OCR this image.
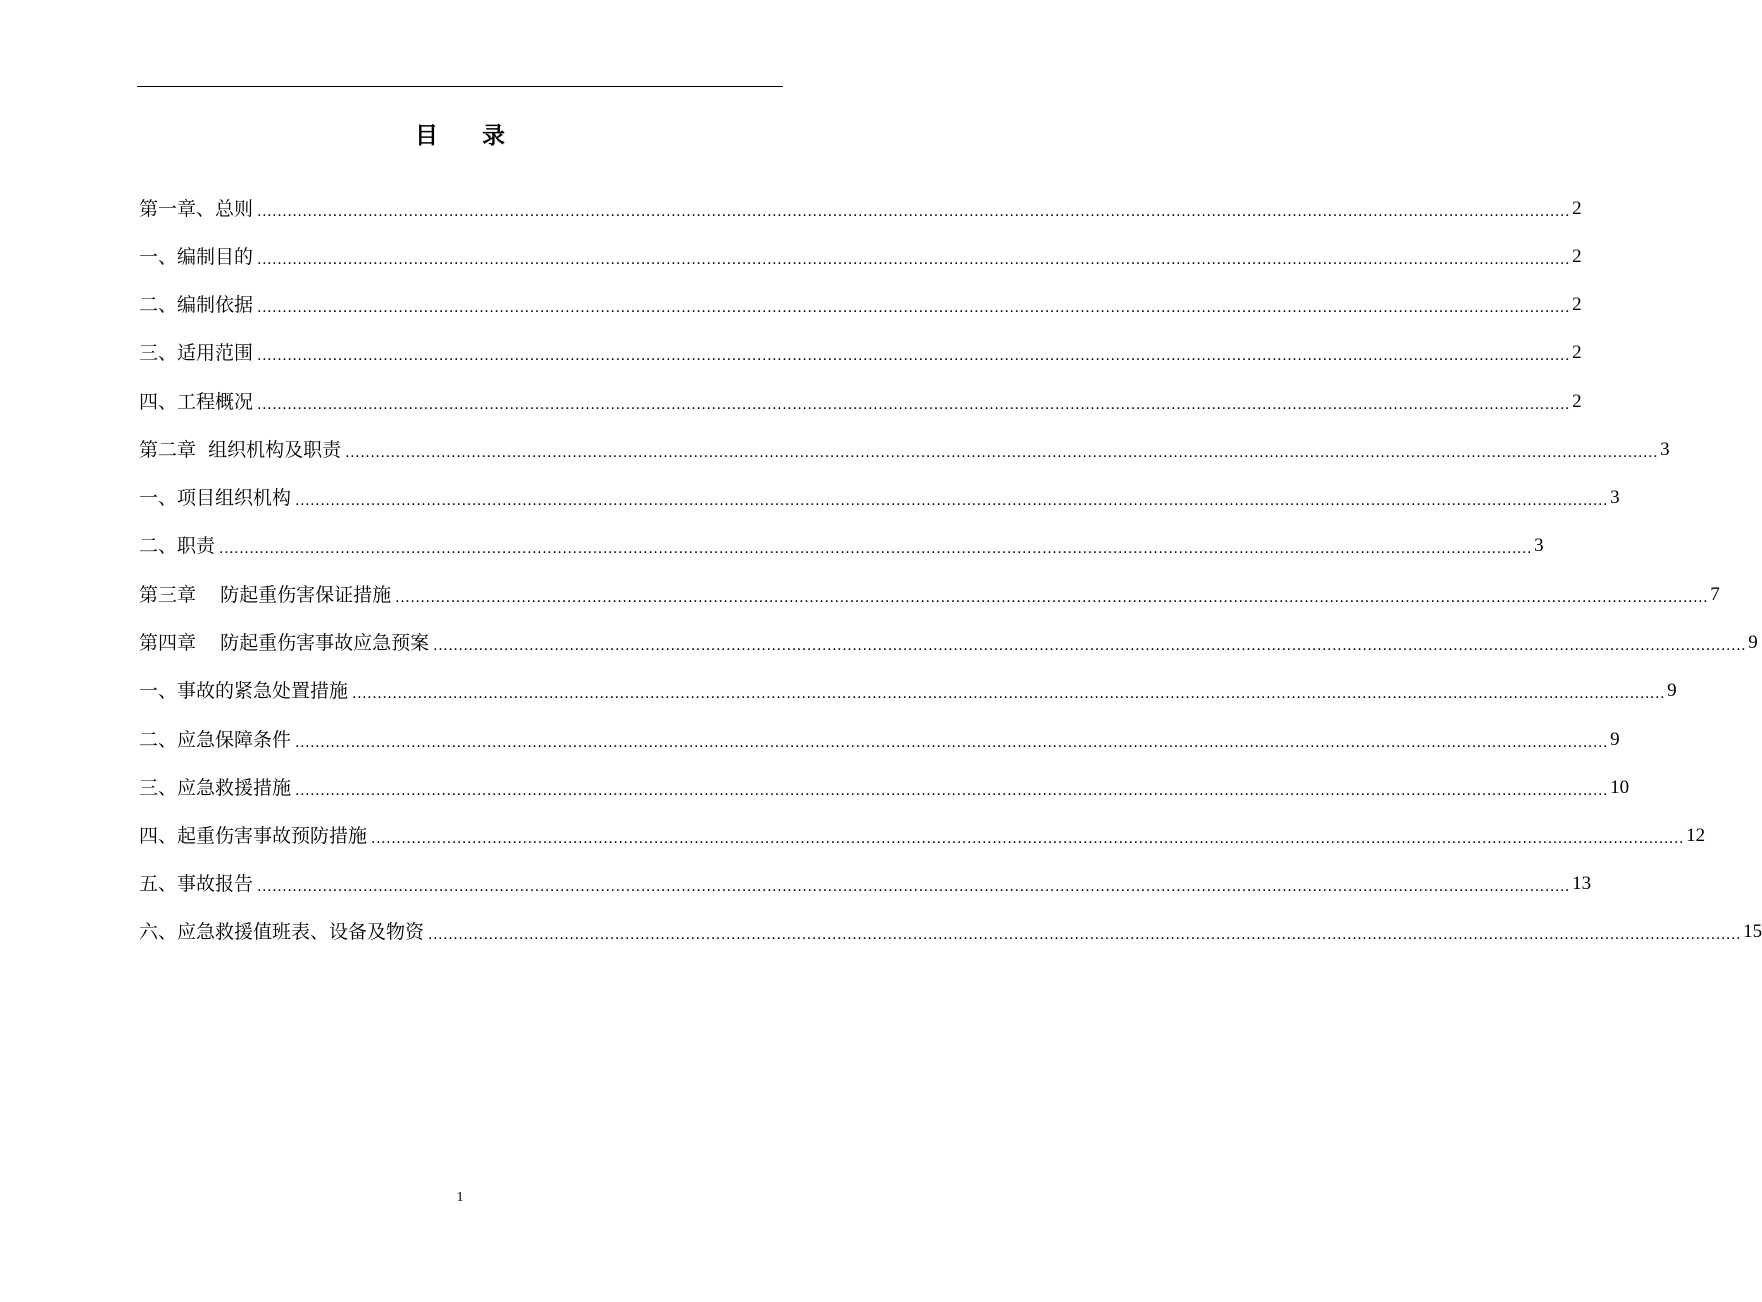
目 录
第一章、总则 .................................................................................................................................................................................................................................................................... 2
一、编制目的 .................................................................................................................................................................................................................................................................... 2
二、编制依据 .................................................................................................................................................................................................................................................................... 2
三、适用范围 .................................................................................................................................................................................................................................................................... 2
四、工程概况 .................................................................................................................................................................................................................................................................... 2
第二章  组织机构及职责 .................................................................................................................................................................................................................................................................... 3
一、项目组织机构 .................................................................................................................................................................................................................................................................... 3
二、职责 .................................................................................................................................................................................................................................................................... 3
第三章    防起重伤害保证措施 .................................................................................................................................................................................................................................................................... 7
第四章    防起重伤害事故应急预案 .................................................................................................................................................................................................................................................................... 9
一、事故的紧急处置措施 .................................................................................................................................................................................................................................................................... 9
二、应急保障条件 .................................................................................................................................................................................................................................................................... 9
三、应急救援措施 .................................................................................................................................................................................................................................................................... 10
四、起重伤害事故预防措施 .................................................................................................................................................................................................................................................................... 12
五、事故报告 .................................................................................................................................................................................................................................................................... 13
六、应急救援值班表、设备及物资 .................................................................................................................................................................................................................................................................... 15
1
